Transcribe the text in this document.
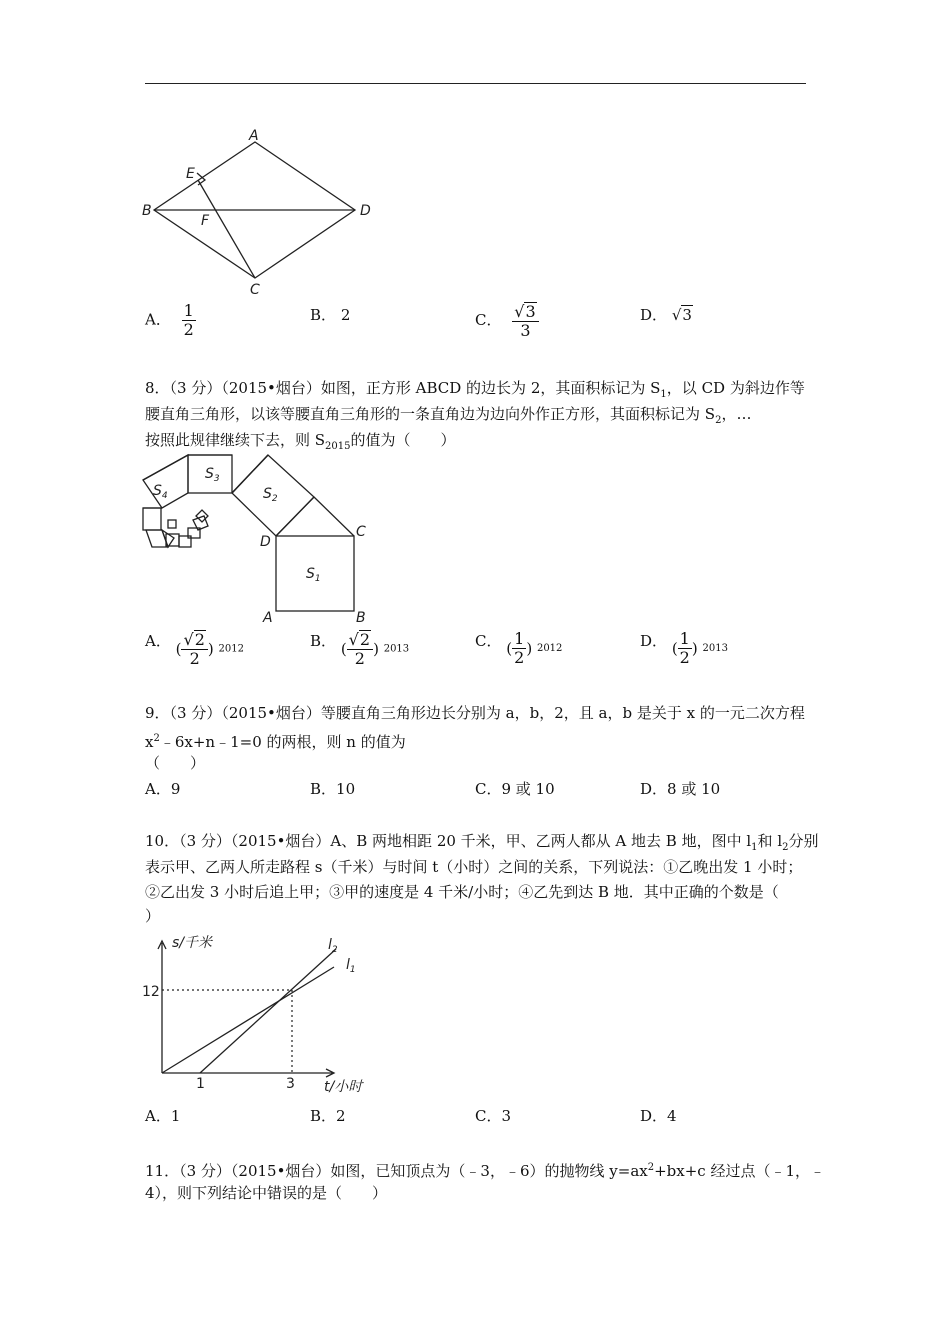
A
B
C
D
E
F
A． $\frac{1}{2}$	B． 2	C． $\frac{√3}{3}$	D． √3
8．（3 分）（2015•烟台）如图，正方形 ABCD 的边长为 2，其面积标记为 $S_1$，以 CD 为斜边作等
腰直角三角形，以该等腰直角三角形的一条直角边为边向外作正方形，其面积标记为 $S_2$，…
按照此规律继续下去，则 $S_{2015}$的值为（　　）
$S_1$
$S_2$
$S_3$
$S_4$
D
C
A	B
A． ( $\frac{√2}{2}$ ) 2012	B． ( $\frac{√2}{2}$ ) 2013	C． ( $\frac{1}{2}$ ) 2012	D． ( $\frac{1}{2}$ ) 2013
9．（3 分）（2015•烟台）等腰直角三角形边长分别为 a，b，2，且 a，b 是关于 x 的一元二次方程
$x^2﹣6x+n﹣1=0$ 的两根，则 n 的值为
（　　）
A．9	B．10	C．9 或 10	D．8 或 10
10．（3 分）（2015•烟台）A、B 两地相距 20 千米，甲、乙两人都从 A 地去 B 地，图中 $l_1$和 $l_2$分别
表示甲、乙两人所走路程 s（千米）与时间 t（小时）之间的关系，下列说法：①乙晚出发 1 小时；
②乙出发 3 小时后追上甲；③甲的速度是 4 千米/小时；④乙先到达 B 地．其中正确的个数是（
）
s/千米
t/小时
12
1	3
$l_2$
$l_1$
A．1	B．2	C．3	D．4
11．（3 分）（2015•烟台）如图，已知顶点为（﹣3，﹣6）的抛物线 $y=ax^2+bx+c$ 经过点（﹣1，﹣
4），则下列结论中错误的是（　　）
